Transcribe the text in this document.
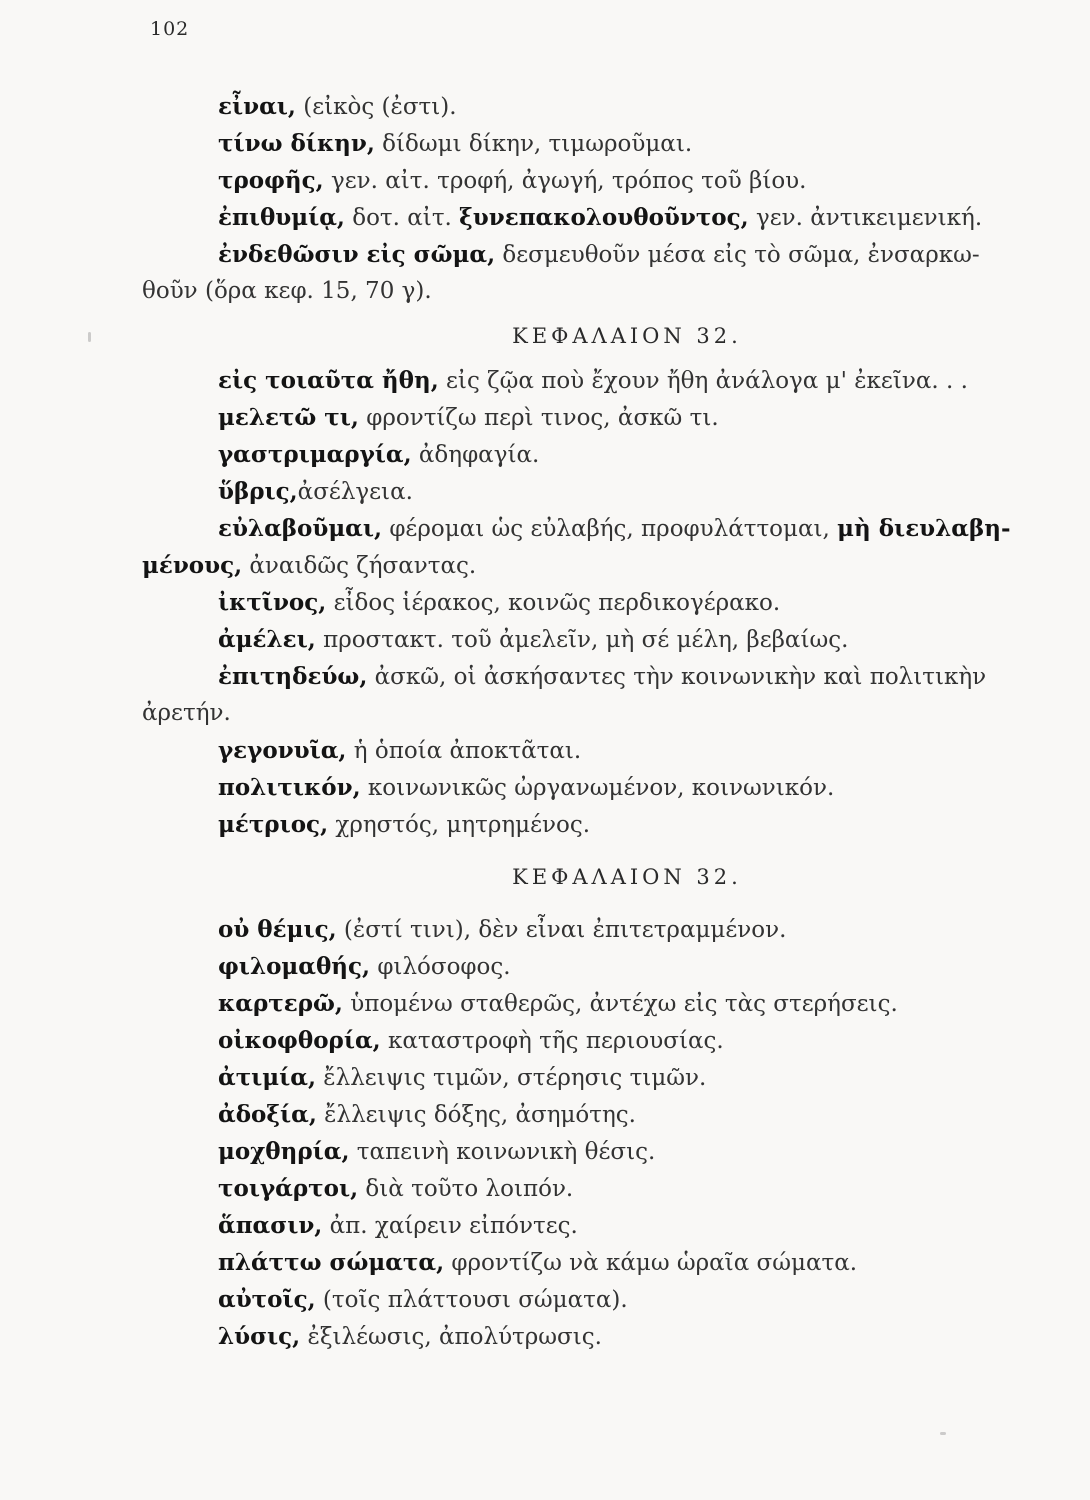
102
εἶναι, (εἰκὸς (ἐστι).
τίνω δίκην, δίδωμι δίκην, τιμωροῦμαι.
τροφῆς, γεν. αἰτ. τροφή, ἀγωγή, τρόπος τοῦ βίου.
ἐπιθυμίᾳ, δοτ. αἰτ. ξυνεπακολουθοῦντος, γεν. ἀντικειμενική.
ἐνδεθῶσιν εἰς σῶμα, δεσμευθοῦν μέσα εἰς τὸ σῶμα, ἐνσαρκω-
θοῦν (ὅρα κεφ. 15, 70 γ).
ΚΕΦΑΛΑΙΟΝ 32.
εἰς τοιαῦτα ἤθη, εἰς ζῷα ποὺ ἔχουν ἤθη ἀνάλογα μ' ἐκεῖνα. . .
μελετῶ τι, φροντίζω περὶ τινος, ἀσκῶ τι.
γαστριμαργία, ἀδηφαγία.
ὕβρις,ἀσέλγεια.
εὐλαβοῦμαι, φέρομαι ὡς εὐλαβής, προφυλάττομαι, μὴ διευλαβη-
μένους, ἀναιδῶς ζήσαντας.
ἰκτῖνος, εἶδος ἱέρακος, κοινῶς περδικογέρακο.
ἀμέλει, προστακτ. τοῦ ἀμελεῖν, μὴ σέ μέλη, βεβαίως.
ἐπιτηδεύω, ἀσκῶ, οἱ ἀσκήσαντες τὴν κοινωνικὴν καὶ πολιτικὴν
ἀρετήν.
γεγονυῖα, ἡ ὁποία ἀποκτᾶται.
πολιτικόν, κοινωνικῶς ὠργανωμένον, κοινωνικόν.
μέτριος, χρηστός, μητρημένος.
ΚΕΦΑΛΑΙΟΝ 32.
οὐ θέμις, (ἐστί τινι), δὲν εἶναι ἐπιτετραμμένον.
φιλομαθής, φιλόσοφος.
καρτερῶ, ὑπομένω σταθερῶς, ἀντέχω εἰς τὰς στερήσεις.
οἰκοφθορία, καταστροφὴ τῆς περιουσίας.
ἀτιμία, ἔλλειψις τιμῶν, στέρησις τιμῶν.
ἀδοξία, ἔλλειψις δόξης, ἀσημότης.
μοχθηρία, ταπεινὴ κοινωνικὴ θέσις.
τοιγάρτοι, διὰ τοῦτο λοιπόν.
ἅπασιν, ἀπ. χαίρειν εἰπόντες.
πλάττω σώματα, φροντίζω νὰ κάμω ὡραῖα σώματα.
αὐτοῖς, (τοῖς πλάττουσι σώματα).
λύσις, ἐξιλέωσις, ἀπολύτρωσις.
